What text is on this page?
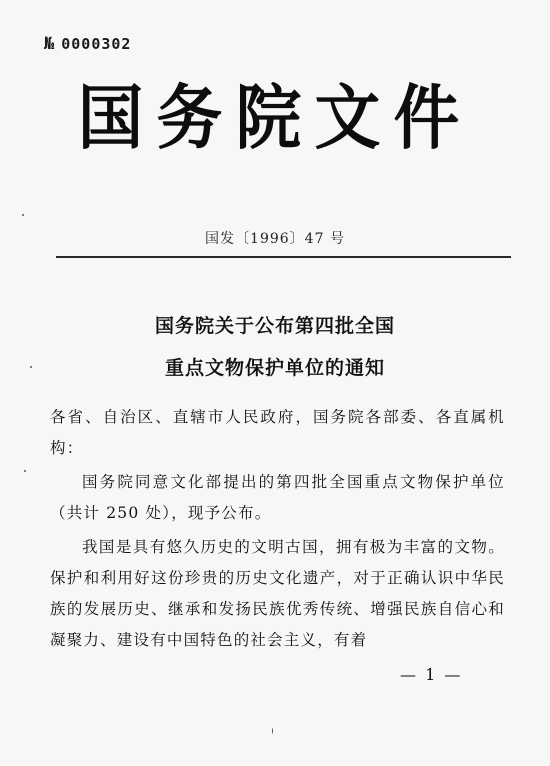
№ 0000302
国务院文件
国发〔1996〕47 号
国务院关于公布第四批全国
重点文物保护单位的通知

各省、自治区、直辖市人民政府，国务院各部委、各直属机构：

国务院同意文化部提出的第四批全国重点文物保护单位（共计 250 处），现予公布。

我国是具有悠久历史的文明古国，拥有极为丰富的文物。保护和利用好这份珍贵的历史文化遗产，对于正确认识中华民族的发展历史、继承和发扬民族优秀传统、增强民族自信心和凝聚力、建设有中国特色的社会主义，有着

— 1 —
